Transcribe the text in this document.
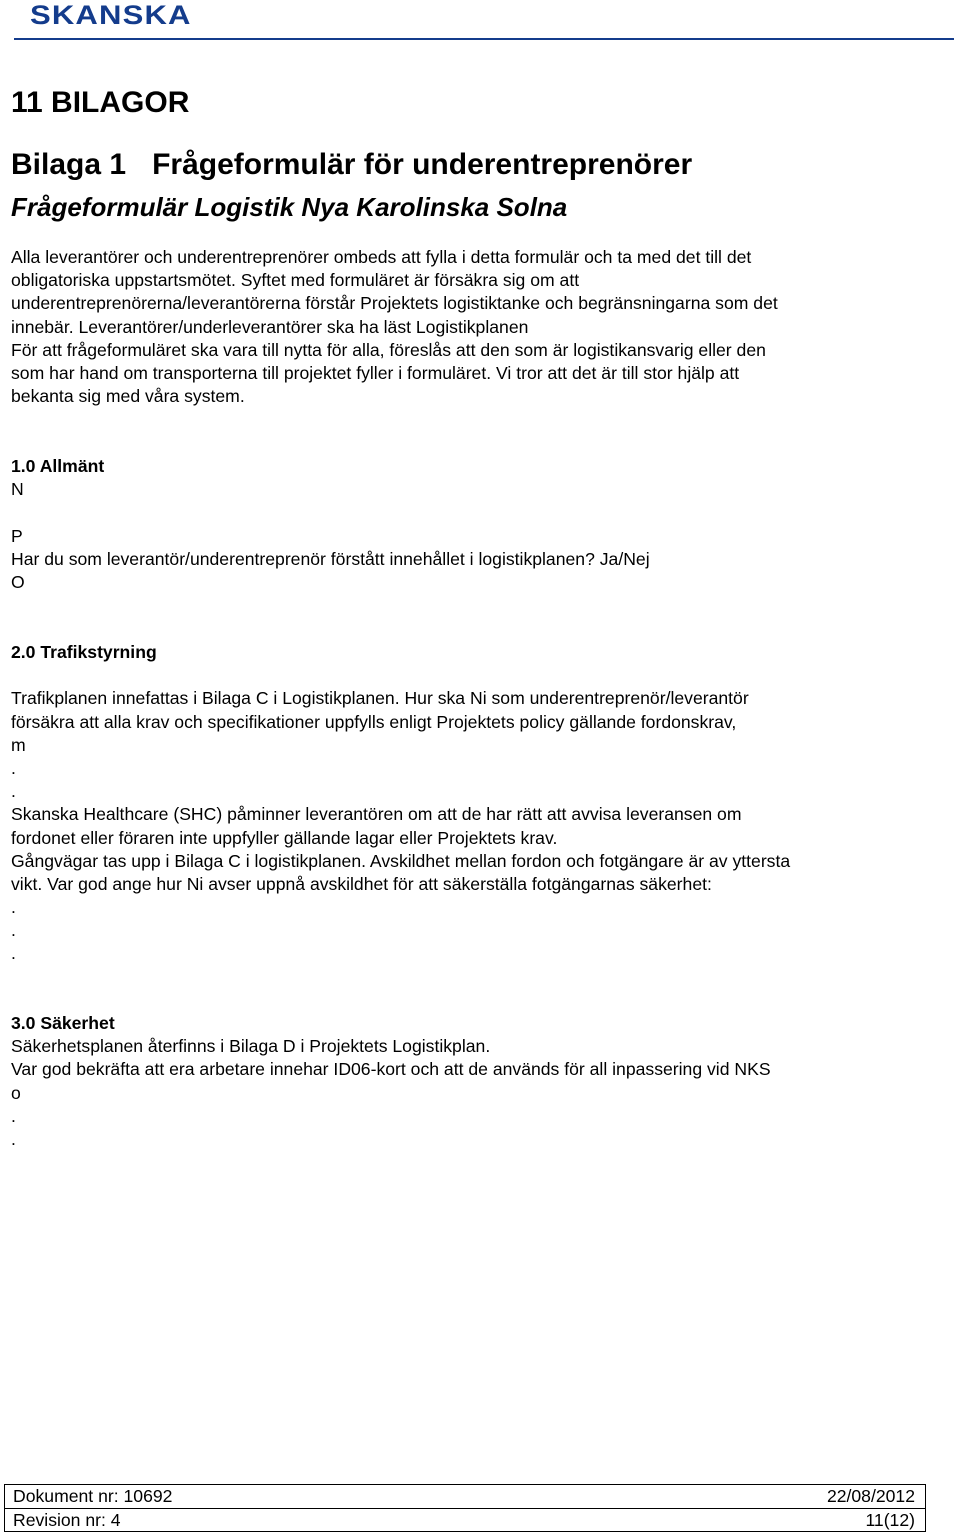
SKANSKA
11 BILAGOR
Bilaga 1 Frågeformulär för underentreprenörer
Frågeformulär Logistik Nya Karolinska Solna
Alla leverantörer och underentreprenörer ombeds att fylla i detta formulär och ta med det till det
obligatoriska uppstartsmötet. Syftet med formuläret är försäkra sig om att
underentreprenörerna/leverantörerna förstår Projektets logistiktanke och begränsningarna som det
innebär. Leverantörer/underleverantörer ska ha läst Logistikplanen
För att frågeformuläret ska vara till nytta för alla, föreslås att den som är logistikansvarig eller den
som har hand om transporterna till projektet fyller i formuläret. Vi tror att det är till stor hjälp att
bekanta sig med våra system.
1.0 Allmänt
N
P
Har du som leverantör/underentreprenör förstått innehållet i logistikplanen? Ja/Nej
O
2.0 Trafikstyrning
Trafikplanen innefattas i Bilaga C i Logistikplanen. Hur ska Ni som underentreprenör/leverantör
försäkra att alla krav och specifikationer uppfylls enligt Projektets policy gällande fordonskrav,
m
.
.
Skanska Healthcare (SHC) påminner leverantören om att de har rätt att avvisa leveransen om
fordonet eller föraren inte uppfyller gällande lagar eller Projektets krav.
Gångvägar tas upp i Bilaga C i logistikplanen. Avskildhet mellan fordon och fotgängare är av yttersta
vikt. Var god ange hur Ni avser uppnå avskildhet för att säkerställa fotgängarnas säkerhet:
.
.
.
3.0 Säkerhet
Säkerhetsplanen återfinns i Bilaga D i Projektets Logistikplan.
Var god bekräfta att era arbetare innehar ID06-kort och att de används för all inpassering vid NKS
o
.
.
Dokument nr: 10692	22/08/2012
Revision nr: 4	11(12)
